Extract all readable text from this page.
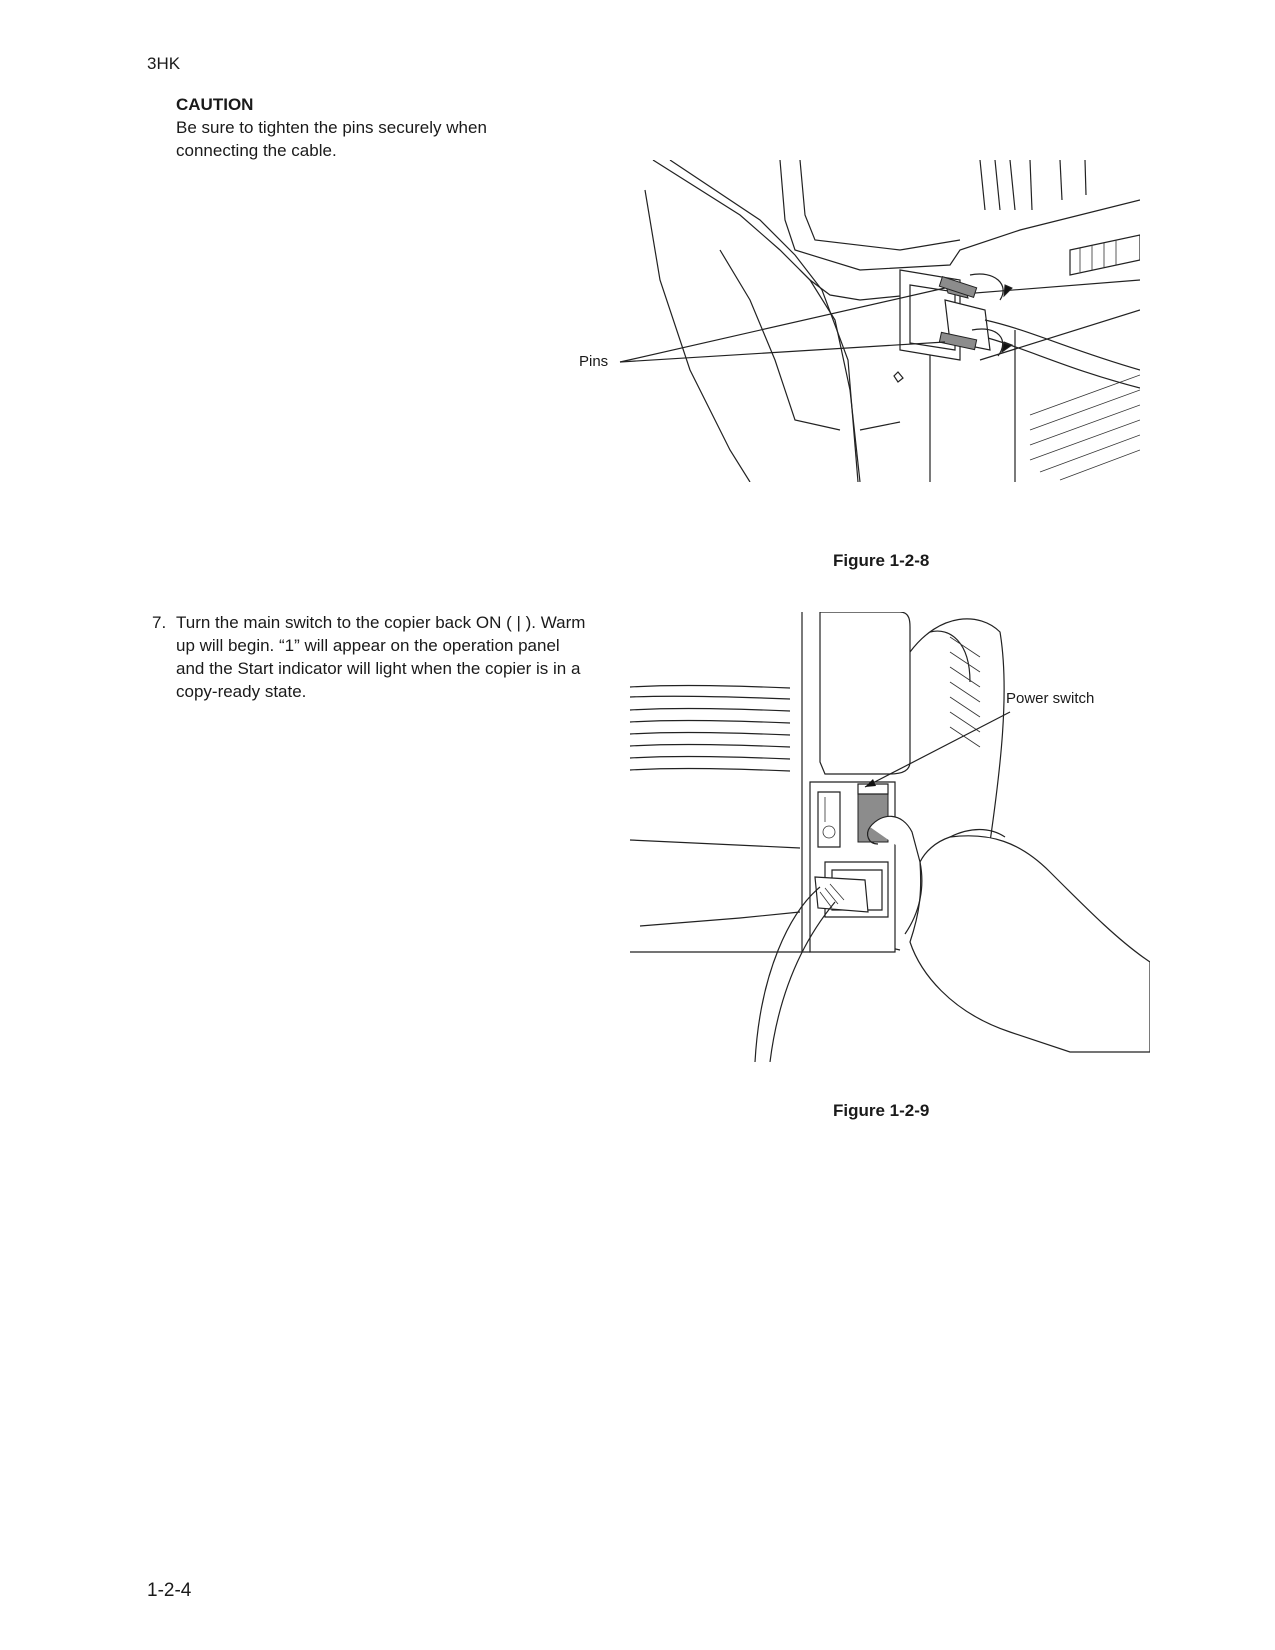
3HK
CAUTION
Be sure to tighten the pins securely when connecting the cable.
Pins
Figure 1-2-8
7. Turn the main switch to the copier back ON ( | ). Warm up will begin. “1” will appear on the operation panel and the Start indicator will light when the copier is in a copy-ready state.	Power switch
Figure 1-2-9
1-2-4
